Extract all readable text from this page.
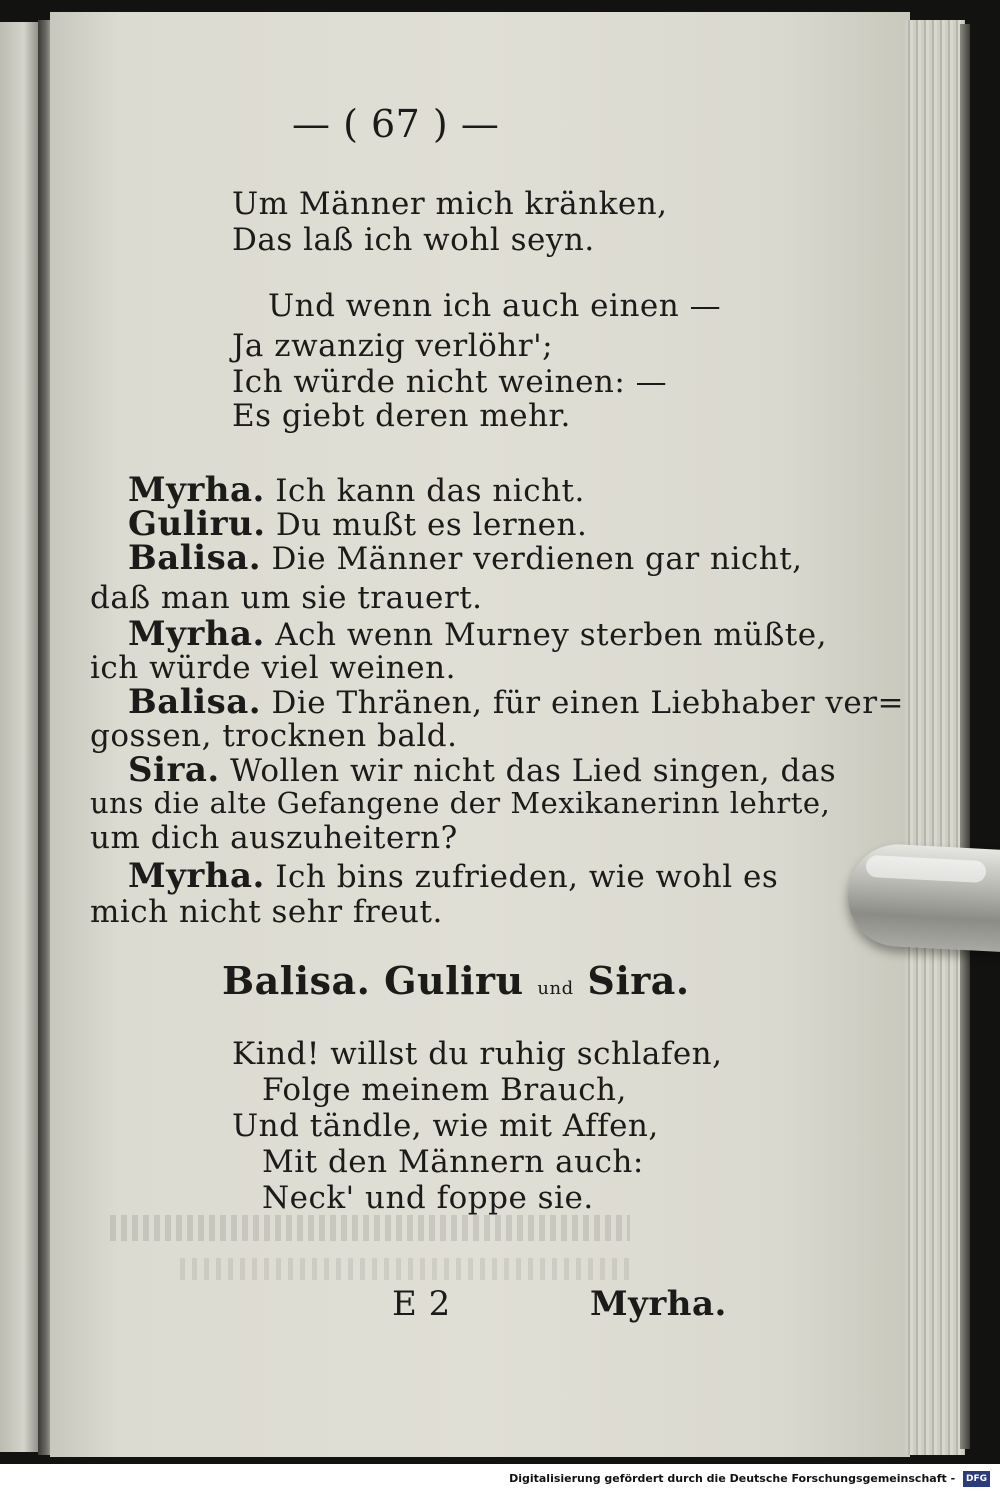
— ( 67 ) —
Um Männer mich kränken,
Das laß ich wohl seyn.
Und wenn ich auch einen —
Ja zwanzig verlöhr';
Ich würde nicht weinen: —
Es giebt deren mehr.
Myrha. Ich kann das nicht.
Guliru. Du mußt es lernen.
Balisa. Die Männer verdienen gar nicht,
daß man um sie trauert.
Myrha. Ach wenn Murney sterben müßte,
ich würde viel weinen.
Balisa. Die Thränen, für einen Liebhaber ver=
gossen, trocknen bald.
Sira. Wollen wir nicht das Lied singen, das
uns die alte Gefangene der Mexikanerinn lehrte,
um dich auszuheitern?
Myrha. Ich bins zufrieden, wie wohl es
mich nicht sehr freut.
Balisa. Guliru und Sira.
Kind! willst du ruhig schlafen,
Folge meinem Brauch,
Und tändle, wie mit Affen,
Mit den Männern auch:
Neck' und foppe sie.
E 2	Myrha.
Digitalisierung gefördert durch die Deutsche Forschungsgemeinschaft - DFG
